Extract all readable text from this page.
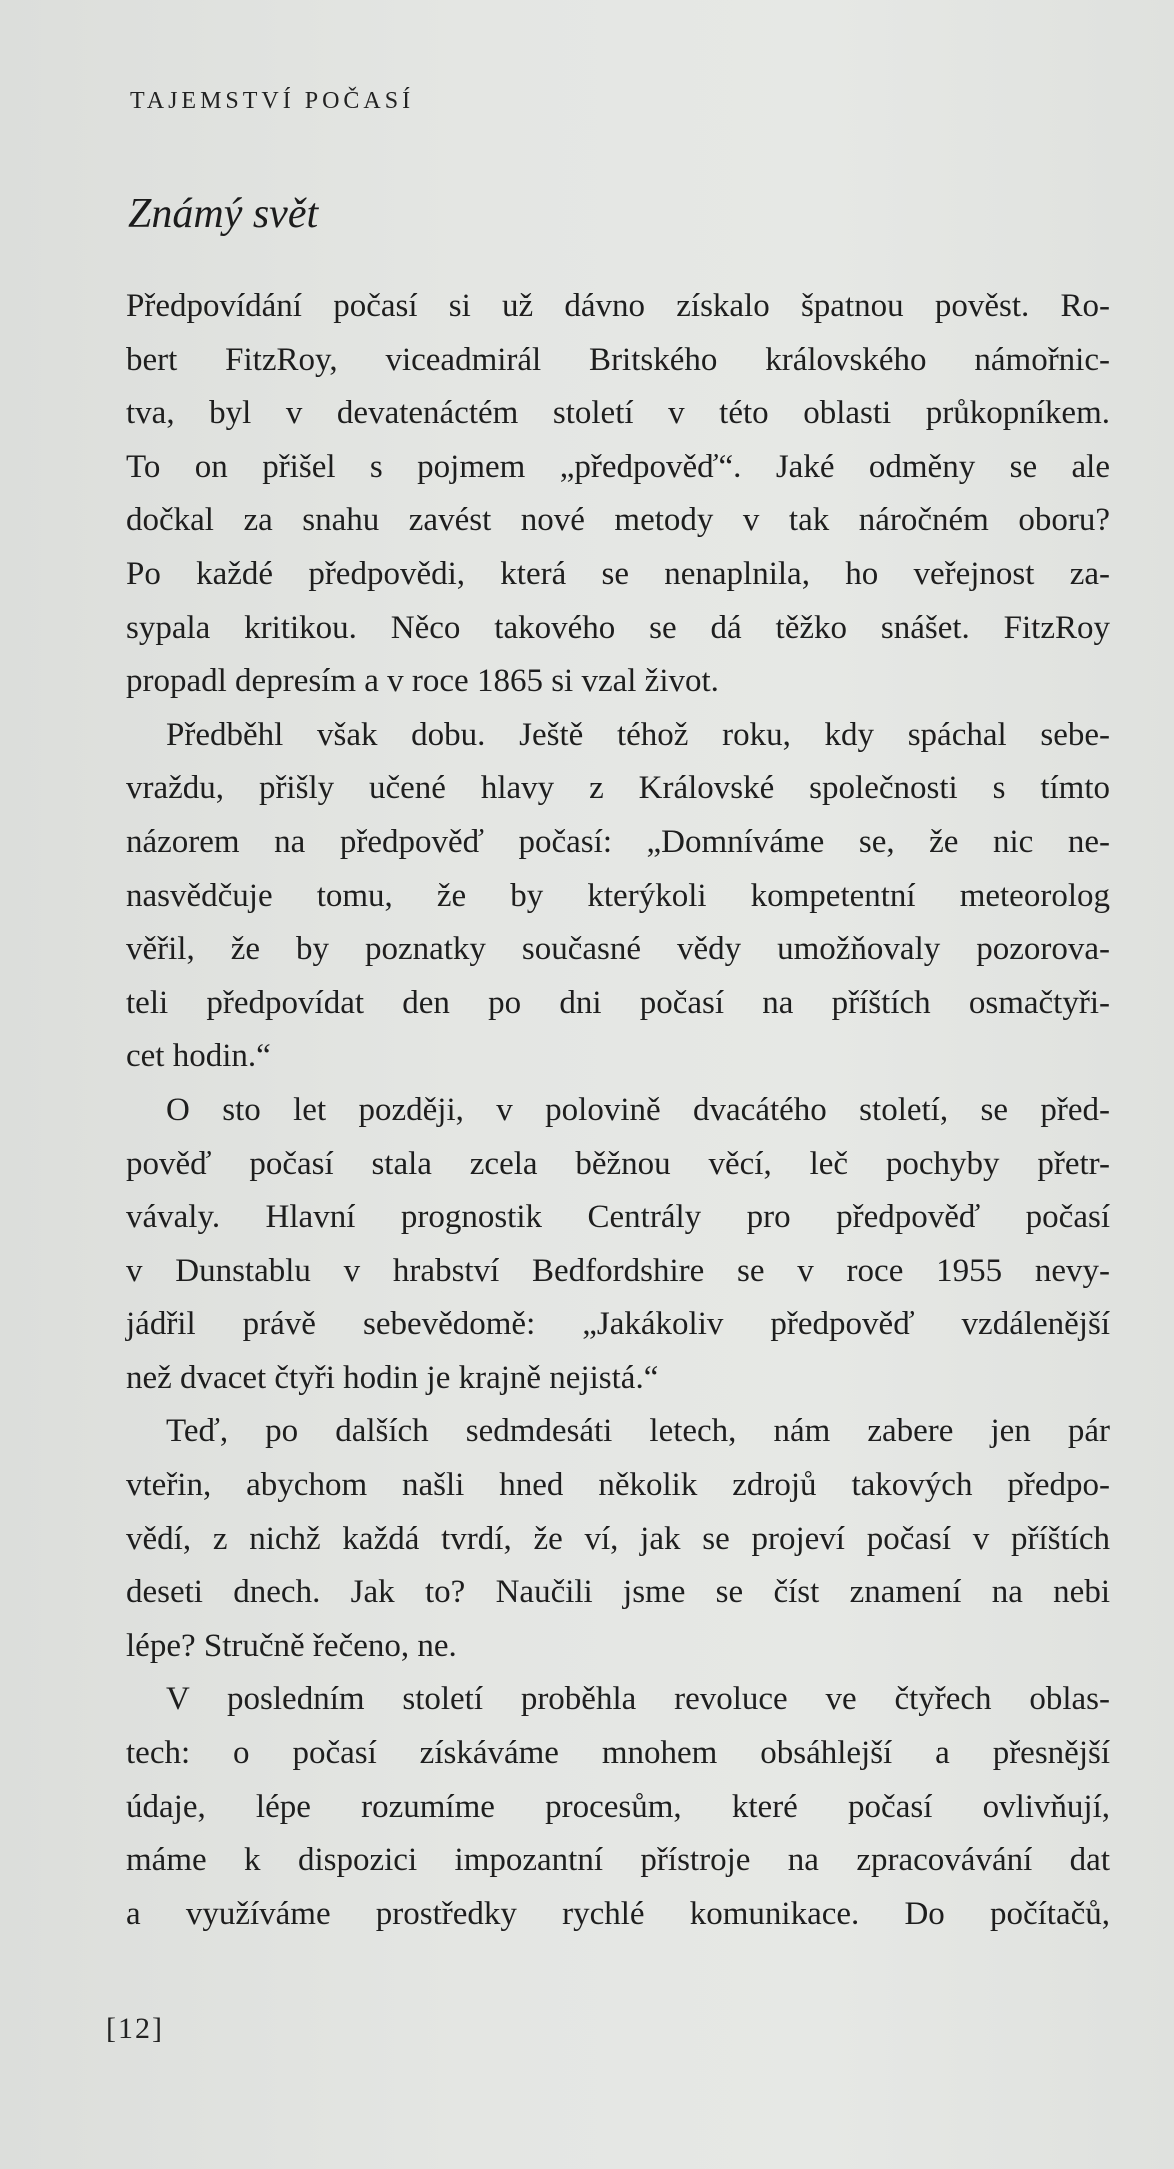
TAJEMSTVÍ POČASÍ
Známý svět
Předpovídání počasí si už dávno získalo špatnou pověst. Ro-
bert FitzRoy, viceadmirál Britského královského námořnic-
tva, byl v devatenáctém století v této oblasti průkopníkem.
To on přišel s pojmem „předpověď“. Jaké odměny se ale
dočkal za snahu zavést nové metody v tak náročném oboru?
Po každé předpovědi, která se nenaplnila, ho veřejnost za-
sypala kritikou. Něco takového se dá těžko snášet. FitzRoy
propadl depresím a v roce 1865 si vzal život.
Předběhl však dobu. Ještě téhož roku, kdy spáchal sebe-
vraždu, přišly učené hlavy z Královské společnosti s tímto
názorem na předpověď počasí: „Domníváme se, že nic ne-
nasvědčuje tomu, že by kterýkoli kompetentní meteorolog
věřil, že by poznatky současné vědy umožňovaly pozorova-
teli předpovídat den po dni počasí na příštích osmačtyři-
cet hodin.“
O sto let později, v polovině dvacátého století, se před-
pověď počasí stala zcela běžnou věcí, leč pochyby přetr-
vávaly. Hlavní prognostik Centrály pro předpověď počasí
v Dunstablu v hrabství Bedfordshire se v roce 1955 nevy-
jádřil právě sebevědomě: „Jakákoliv předpověď vzdálenější
než dvacet čtyři hodin je krajně nejistá.“
Teď, po dalších sedmdesáti letech, nám zabere jen pár
vteřin, abychom našli hned několik zdrojů takových předpo-
vědí, z nichž každá tvrdí, že ví, jak se projeví počasí v příštích
deseti dnech. Jak to? Naučili jsme se číst znamení na nebi
lépe? Stručně řečeno, ne.
V posledním století proběhla revoluce ve čtyřech oblas-
tech: o počasí získáváme mnohem obsáhlejší a přesnější
údaje, lépe rozumíme procesům, které počasí ovlivňují,
máme k dispozici impozantní přístroje na zpracovávání dat
a využíváme prostředky rychlé komunikace. Do počítačů,
[12]
